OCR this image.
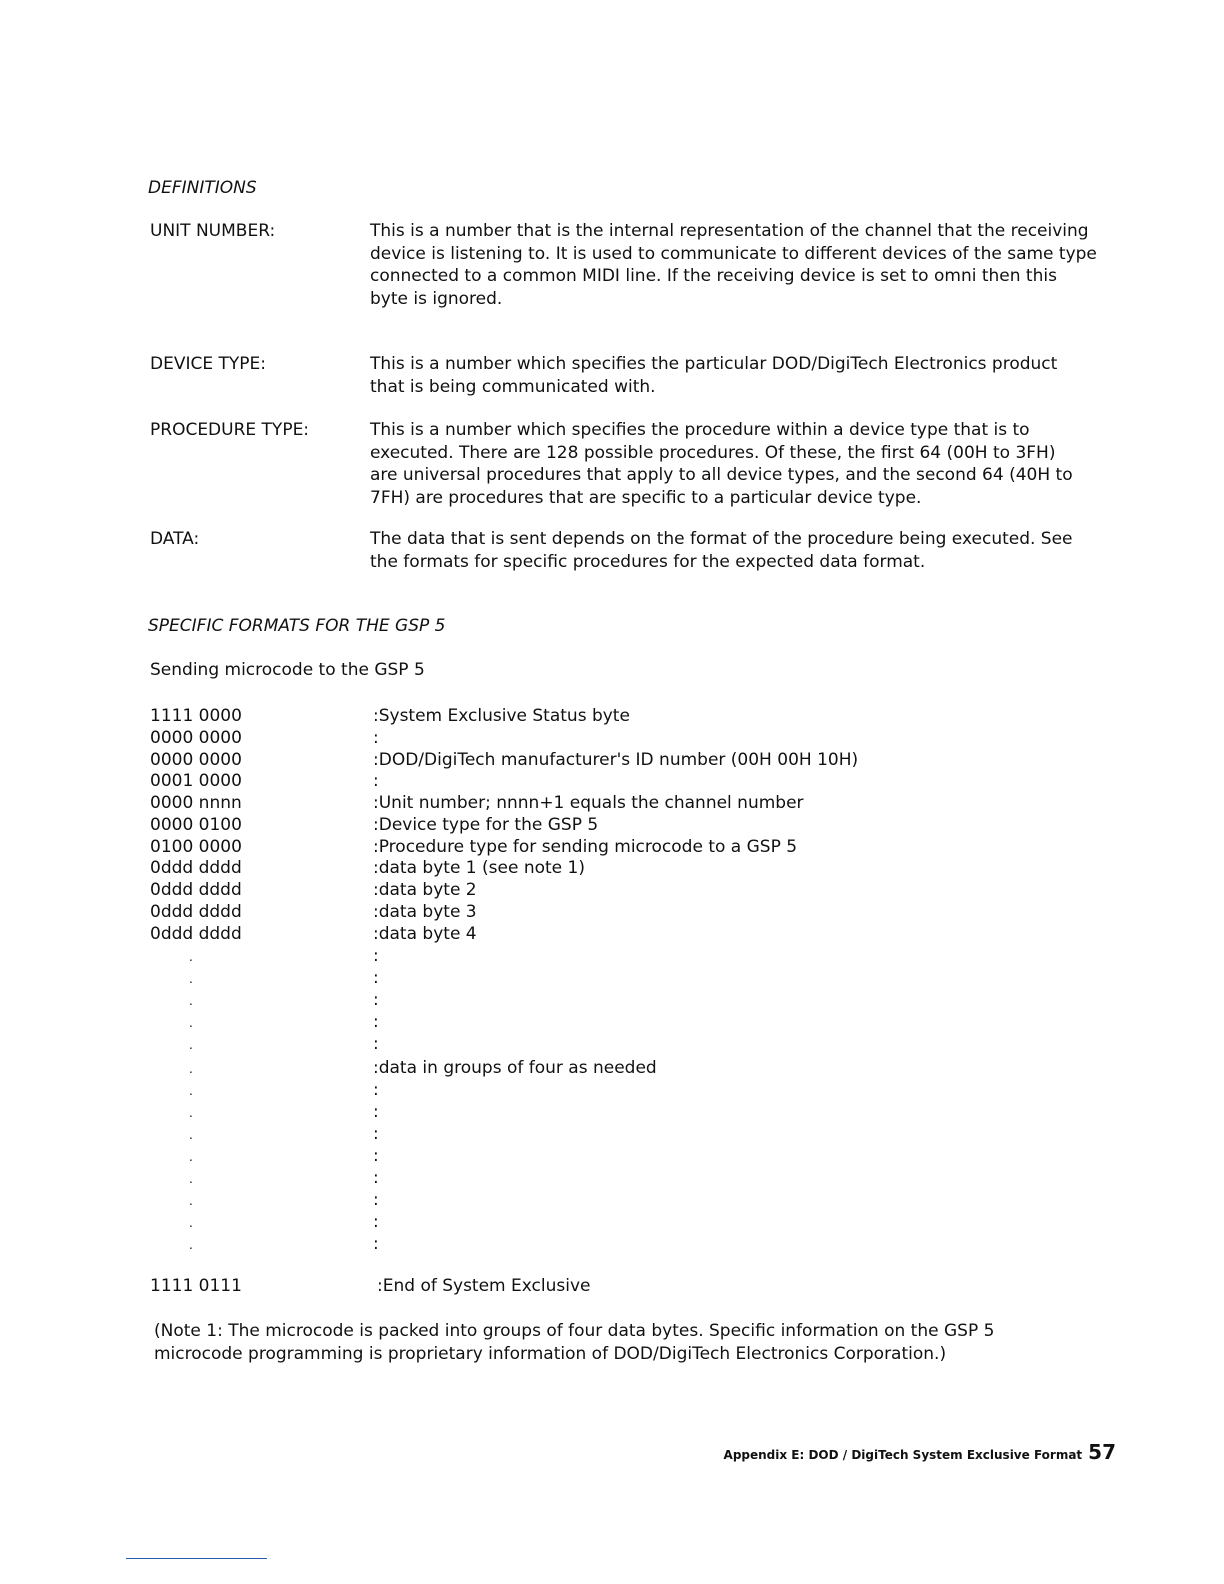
DEFINITIONS
UNIT NUMBER:	This is a number that is the internal representation of the channel that the receiving
device is listening to. It is used to communicate to different devices of the same type
connected to a common MIDI line. If the receiving device is set to omni then this
byte is ignored.
DEVICE TYPE:	This is a number which specifies the particular DOD/DigiTech Electronics product
that is being communicated with.
PROCEDURE TYPE:	This is a number which specifies the procedure within a device type that is to
executed. There are 128 possible procedures. Of these, the first 64 (00H to 3FH)
are universal procedures that apply to all device types, and the second 64 (40H to
7FH) are procedures that are specific to a particular device type.
DATA:	The data that is sent depends on the format of the procedure being executed. See
the formats for specific procedures for the expected data format.
SPECIFIC FORMATS FOR THE GSP 5
Sending microcode to the GSP 5
1111 0000	:System Exclusive Status byte
0000 0000	:
0000 0000	:DOD/DigiTech manufacturer's ID number (00H 00H 10H)
0001 0000	:
0000 nnnn	:Unit number; nnnn+1 equals the channel number
0000 0100	:Device type for the GSP 5
0100 0000	:Procedure type for sending microcode to a GSP 5
0ddd dddd	:data byte 1 (see note 1)
0ddd dddd	:data byte 2
0ddd dddd	:data byte 3
0ddd dddd	:data byte 4
.	:
.	:
.	:
.	:
.	:
.	:data in groups of four as needed
.	:
.	:
.	:
.	:
.	:
.	:
.	:
.	:
1111 0111	:End of System Exclusive
(Note 1: The microcode is packed into groups of four data bytes. Specific information on the GSP 5
microcode programming is proprietary information of DOD/DigiTech Electronics Corporation.)
Appendix E: DOD / DigiTech System Exclusive Format 57
